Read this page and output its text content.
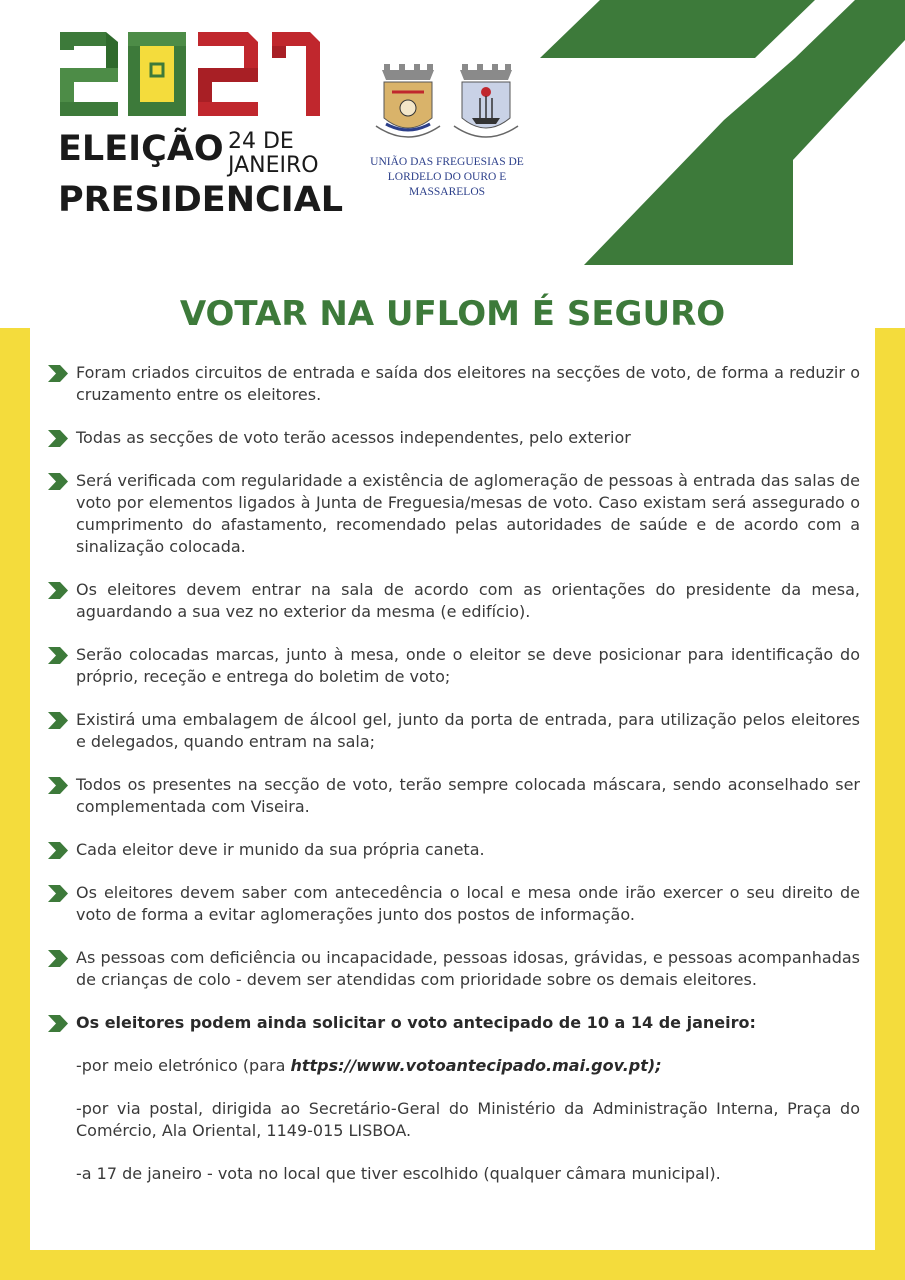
ELEIÇÃO 24 DE
JANEIRO
PRESIDENCIAL
UNIÃO DAS FREGUESIAS DE
LORDELO DO OURO E MASSARELOS
VOTAR NA UFLOM É SEGURO
Foram criados circuitos de entrada e saída dos eleitores na secções de voto, de forma a reduzir o cruzamento entre os eleitores.
Todas as secções de voto terão acessos independentes, pelo exterior
Será verificada com regularidade a existência de aglomeração de pessoas à entrada das salas de voto por elementos ligados à Junta de Freguesia/mesas de voto. Caso existam será assegurado o cumprimento do afastamento, recomendado pelas autoridades de saúde e de acordo com a sinalização colocada.
Os eleitores devem entrar na sala de acordo com as orientações do presidente da mesa, aguardando a sua vez no exterior da mesma (e edifício).
Serão colocadas marcas, junto à mesa, onde o eleitor se deve posicionar para identificação do próprio, receção e entrega do boletim de voto;
Existirá uma embalagem de álcool gel, junto da porta de entrada, para utilização pelos eleitores e delegados, quando entram na sala;
Todos os presentes na secção de voto, terão sempre colocada máscara, sendo aconselhado ser complementada com Viseira.
Cada eleitor deve ir munido da sua própria caneta.
Os eleitores devem saber com antecedência o local e mesa onde irão exercer o seu direito de voto de forma a evitar aglomerações junto dos postos de informação.
As pessoas com deficiência ou incapacidade, pessoas idosas, grávidas, e pessoas acompanhadas de crianças de colo - devem ser atendidas com prioridade sobre os demais eleitores.
Os eleitores podem ainda solicitar o voto antecipado de 10 a 14 de janeiro:
-por meio eletrónico (para https://www.votoantecipado.mai.gov.pt);
-por via postal, dirigida ao Secretário-Geral do Ministério da Administração Interna, Praça do Comércio, Ala Oriental, 1149-015 LISBOA.
-a 17 de janeiro - vota no local que tiver escolhido (qualquer câmara municipal).
